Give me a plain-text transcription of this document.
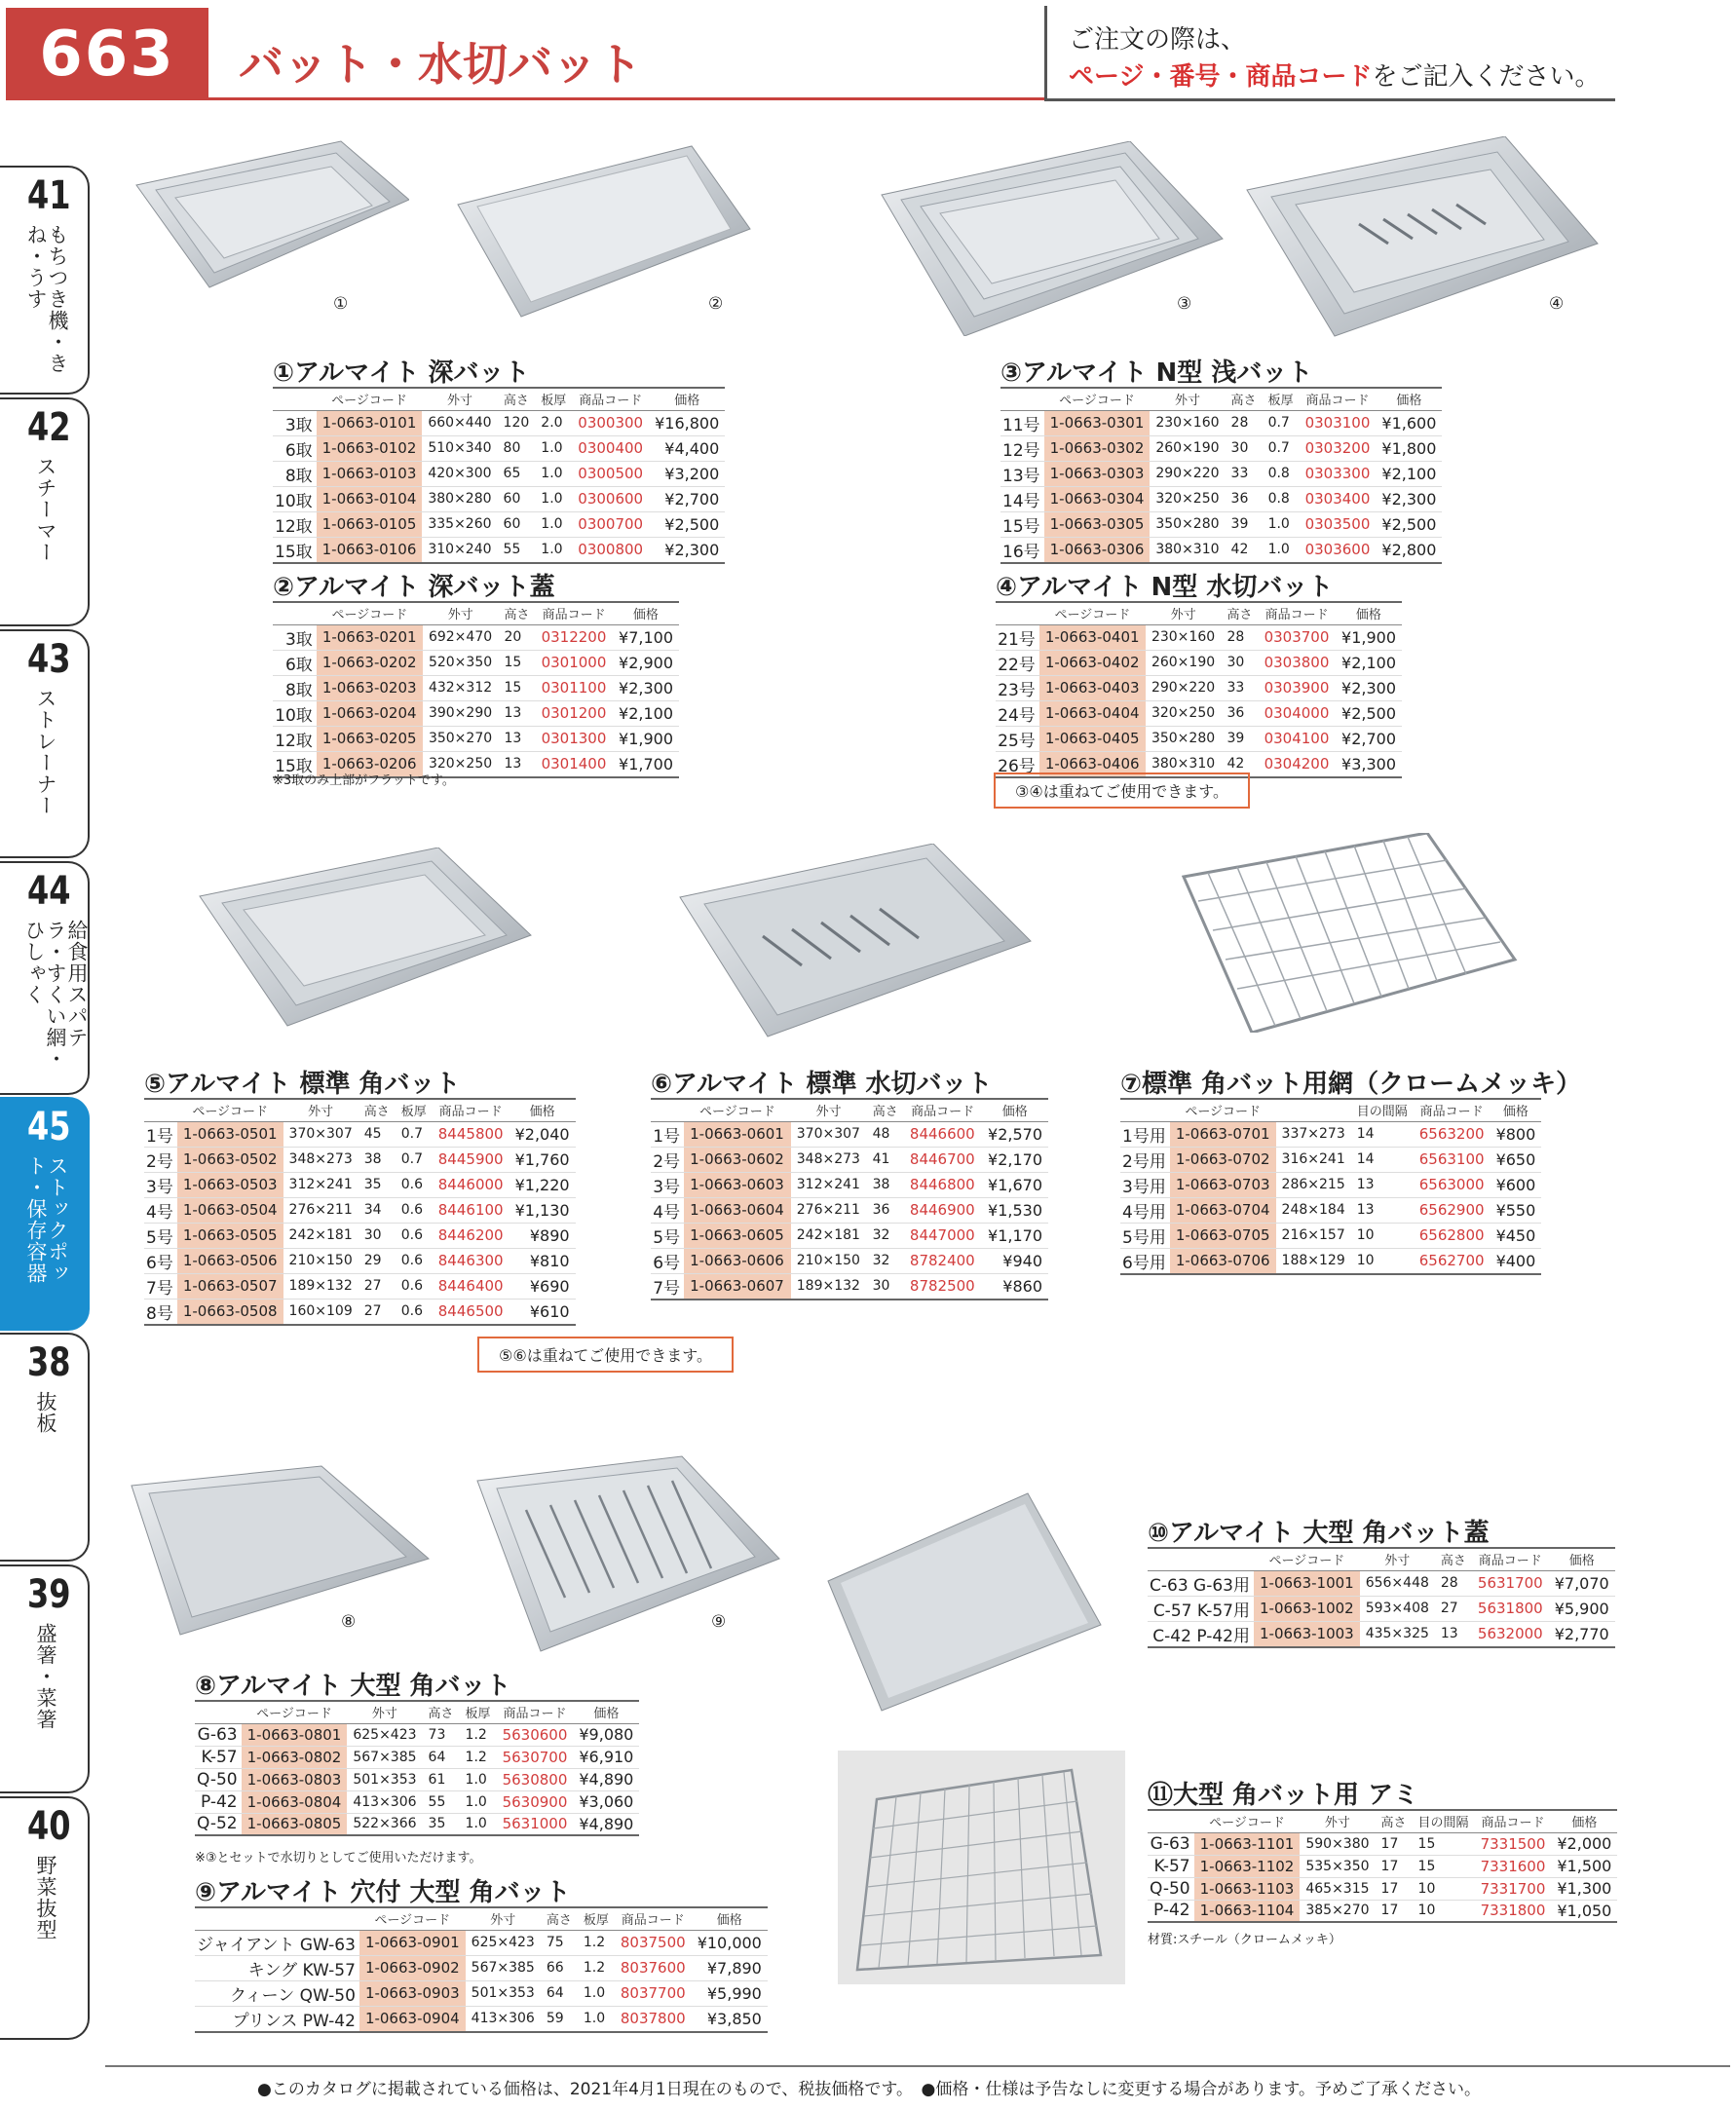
663	バット・水切バット	ご注文の際は、
ページ・番号・商品コードをご記入ください。
41
もちつき機・きね・うす
42
スチーマー
43
ストレーナー
44
給食用スパテラ・すくい網・ひしゃく
45
ストックポット・保存容器
38
抜板
39
盛箸・菜箸
40
野菜抜型
①	②	③	④
⑧	⑨
①アルマイト 深バット
	ページコード	外寸	高さ	板厚	商品コード	価格
3取	1-0663-0101	660×440	120	2.0	0300300	¥16,800
6取	1-0663-0102	510×340	80	1.0	0300400	¥4,400
8取	1-0663-0103	420×300	65	1.0	0300500	¥3,200
10取	1-0663-0104	380×280	60	1.0	0300600	¥2,700
12取	1-0663-0105	335×260	60	1.0	0300700	¥2,500
15取	1-0663-0106	310×240	55	1.0	0300800	¥2,300
②アルマイト 深バット蓋
	ページコード	外寸	高さ	商品コード	価格
3取	1-0663-0201	692×470	20	0312200	¥7,100
6取	1-0663-0202	520×350	15	0301000	¥2,900
8取	1-0663-0203	432×312	15	0301100	¥2,300
10取	1-0663-0204	390×290	13	0301200	¥2,100
12取	1-0663-0205	350×270	13	0301300	¥1,900
15取	1-0663-0206	320×250	13	0301400	¥1,700
※3取のみ上部がフラットです。
③アルマイト N型 浅バット
	ページコード	外寸	高さ	板厚	商品コード	価格
11号	1-0663-0301	230×160	28	0.7	0303100	¥1,600
12号	1-0663-0302	260×190	30	0.7	0303200	¥1,800
13号	1-0663-0303	290×220	33	0.8	0303300	¥2,100
14号	1-0663-0304	320×250	36	0.8	0303400	¥2,300
15号	1-0663-0305	350×280	39	1.0	0303500	¥2,500
16号	1-0663-0306	380×310	42	1.0	0303600	¥2,800
④アルマイト N型 水切バット
	ページコード	外寸	高さ	商品コード	価格
21号	1-0663-0401	230×160	28	0303700	¥1,900
22号	1-0663-0402	260×190	30	0303800	¥2,100
23号	1-0663-0403	290×220	33	0303900	¥2,300
24号	1-0663-0404	320×250	36	0304000	¥2,500
25号	1-0663-0405	350×280	39	0304100	¥2,700
26号	1-0663-0406	380×310	42	0304200	¥3,300
③④は重ねてご使用できます。
⑤アルマイト 標準 角バット
	ページコード	外寸	高さ	板厚	商品コード	価格
1号	1-0663-0501	370×307	45	0.7	8445800	¥2,040
2号	1-0663-0502	348×273	38	0.7	8445900	¥1,760
3号	1-0663-0503	312×241	35	0.6	8446000	¥1,220
4号	1-0663-0504	276×211	34	0.6	8446100	¥1,130
5号	1-0663-0505	242×181	30	0.6	8446200	¥890
6号	1-0663-0506	210×150	29	0.6	8446300	¥810
7号	1-0663-0507	189×132	27	0.6	8446400	¥690
8号	1-0663-0508	160×109	27	0.6	8446500	¥610
⑤⑥は重ねてご使用できます。
⑥アルマイト 標準 水切バット
	ページコード	外寸	高さ	商品コード	価格
1号	1-0663-0601	370×307	48	8446600	¥2,570
2号	1-0663-0602	348×273	41	8446700	¥2,170
3号	1-0663-0603	312×241	38	8446800	¥1,670
4号	1-0663-0604	276×211	36	8446900	¥1,530
5号	1-0663-0605	242×181	32	8447000	¥1,170
6号	1-0663-0606	210×150	32	8782400	¥940
7号	1-0663-0607	189×132	30	8782500	¥860
⑦標準 角バット用網（クロームメッキ）
	ページコード		目の間隔	商品コード	価格
1号用	1-0663-0701	337×273	14	6563200	¥800
2号用	1-0663-0702	316×241	14	6563100	¥650
3号用	1-0663-0703	286×215	13	6563000	¥600
4号用	1-0663-0704	248×184	13	6562900	¥550
5号用	1-0663-0705	216×157	10	6562800	¥450
6号用	1-0663-0706	188×129	10	6562700	¥400
⑩アルマイト 大型 角バット蓋
	ページコード	外寸	高さ	商品コード	価格
C-63 G-63用	1-0663-1001	656×448	28	5631700	¥7,070
C-57 K-57用	1-0663-1002	593×408	27	5631800	¥5,900
C-42 P-42用	1-0663-1003	435×325	13	5632000	¥2,770
⑧アルマイト 大型 角バット
	ページコード	外寸	高さ	板厚	商品コード	価格
G-63	1-0663-0801	625×423	73	1.2	5630600	¥9,080
K-57	1-0663-0802	567×385	64	1.2	5630700	¥6,910
Q-50	1-0663-0803	501×353	61	1.0	5630800	¥4,890
P-42	1-0663-0804	413×306	55	1.0	5630900	¥3,060
Q-52	1-0663-0805	522×366	35	1.0	5631000	¥4,890
※③とセットで水切りとしてご使用いただけます。
⑪大型 角バット用 アミ
	ページコード	外寸	高さ	目の間隔	商品コード	価格
G-63	1-0663-1101	590×380	17	15	7331500	¥2,000
K-57	1-0663-1102	535×350	17	15	7331600	¥1,500
Q-50	1-0663-1103	465×315	17	10	7331700	¥1,300
P-42	1-0663-1104	385×270	17	10	7331800	¥1,050
材質:スチール（クロームメッキ）
⑨アルマイト 穴付 大型 角バット
	ページコード	外寸	高さ	板厚	商品コード	価格
ジャイアント GW-63	1-0663-0901	625×423	75	1.2	8037500	¥10,000
キング KW-57	1-0663-0902	567×385	66	1.2	8037600	¥7,890
クィーン QW-50	1-0663-0903	501×353	64	1.0	8037700	¥5,990
プリンス PW-42	1-0663-0904	413×306	59	1.0	8037800	¥3,850
●このカタログに掲載されている価格は、2021年4月1日現在のもので、税抜価格です。　●価格・仕様は予告なしに変更する場合があります。予めご了承ください。
